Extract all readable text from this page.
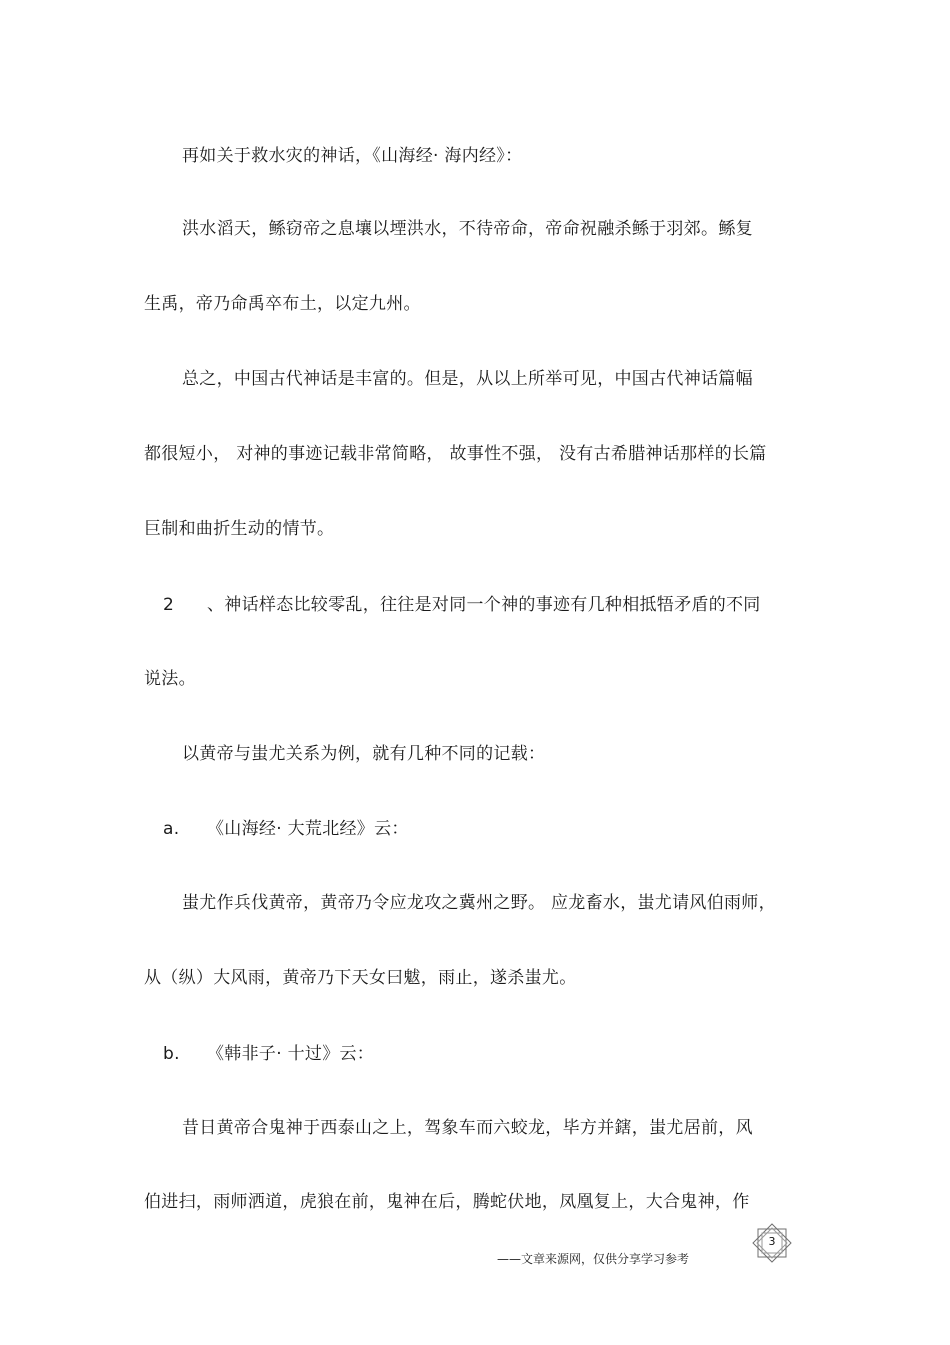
再如关于救水灾的神话，《山海经· 海内经》：
洪水滔天，鲧窃帝之息壤以堙洪水，不待帝命，帝命祝融杀鲧于羽郊。鲧复
生禹，帝乃命禹卒布土，以定九州。
总之，中国古代神话是丰富的。但是，从以上所举可见，中国古代神话篇幅
都很短小， 对神的事迹记载非常简略， 故事性不强， 没有古希腊神话那样的长篇
巨制和曲折生动的情节。
2 、神话样态比较零乱，往往是对同一个神的事迹有几种相抵牾矛盾的不同
说法。
以黄帝与蚩尤关系为例，就有几种不同的记载：
a. 《山海经· 大荒北经》云：
蚩尤作兵伐黄帝，黄帝乃令应龙攻之冀州之野。 应龙畜水，蚩尤请风伯雨师，
从（纵）大风雨，黄帝乃下天女曰魃，雨止，遂杀蚩尤。
b. 《韩非子· 十过》云：
昔日黄帝合鬼神于西泰山之上，驾象车而六蛟龙，毕方并鎋，蚩尤居前，风
伯进扫，雨师洒道，虎狼在前，鬼神在后，腾蛇伏地，凤凰复上，大合鬼神，作
——文章来源网，仅供分享学习参考
3
